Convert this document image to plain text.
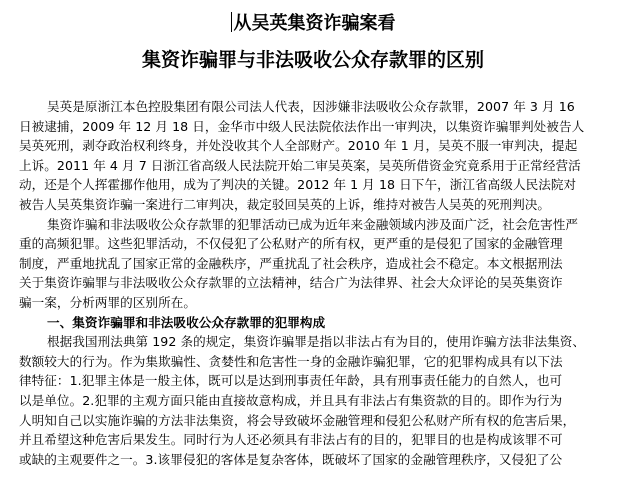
从吴英集资诈骗案看
集资诈骗罪与非法吸收公众存款罪的区别
吴英是原浙江本色控股集团有限公司法人代表，因涉嫌非法吸收公众存款罪，2007 年 3 月 16
日被逮捕，2009 年 12 月 18 日，金华市中级人民法院依法作出一审判决，以集资诈骗罪判处被告人
吴英死刑，剥夺政治权利终身，并处没收其个人全部财产。2010 年 1 月，吴英不服一审判决，提起
上诉。2011 年 4 月 7 日浙江省高级人民法院开始二审吴英案，吴英所借资金究竟系用于正常经营活
动，还是个人挥霍挪作他用，成为了判决的关键。2012 年 1 月 18 日下午，浙江省高级人民法院对
被告人吴英集资诈骗一案进行二审判决，裁定驳回吴英的上诉，维持对被告人吴英的死刑判决。
集资诈骗和非法吸收公众存款罪的犯罪活动已成为近年来金融领域内涉及面广泛，社会危害性严
重的高频犯罪。这些犯罪活动，不仅侵犯了公私财产的所有权，更严重的是侵犯了国家的金融管理
制度，严重地扰乱了国家正常的金融秩序，严重扰乱了社会秩序，造成社会不稳定。本文根据刑法
关于集资诈骗罪与非法吸收公众存款罪的立法精神，结合广为法律界、社会大众评论的吴英集资诈
骗一案，分析两罪的区别所在。
一、集资诈骗罪和非法吸收公众存款罪的犯罪构成
根据我国刑法典第 192 条的规定，集资诈骗罪是指以非法占有为目的，使用诈骗方法非法集资、
数额较大的行为。作为集欺骗性、贪婪性和危害性一身的金融诈骗犯罪，它的犯罪构成具有以下法
律特征：1.犯罪主体是一般主体，既可以是达到刑事责任年龄，具有刑事责任能力的自然人，也可
以是单位。2.犯罪的主观方面只能由直接故意构成，并且具有非法占有集资款的目的。即作为行为
人明知自己以实施诈骗的方法非法集资，将会导致破坏金融管理和侵犯公私财产所有权的危害后果，
并且希望这种危害后果发生。同时行为人还必须具有非法占有的目的，犯罪目的也是构成该罪不可
或缺的主观要件之一。3.该罪侵犯的客体是复杂客体，既破坏了国家的金融管理秩序，又侵犯了公
